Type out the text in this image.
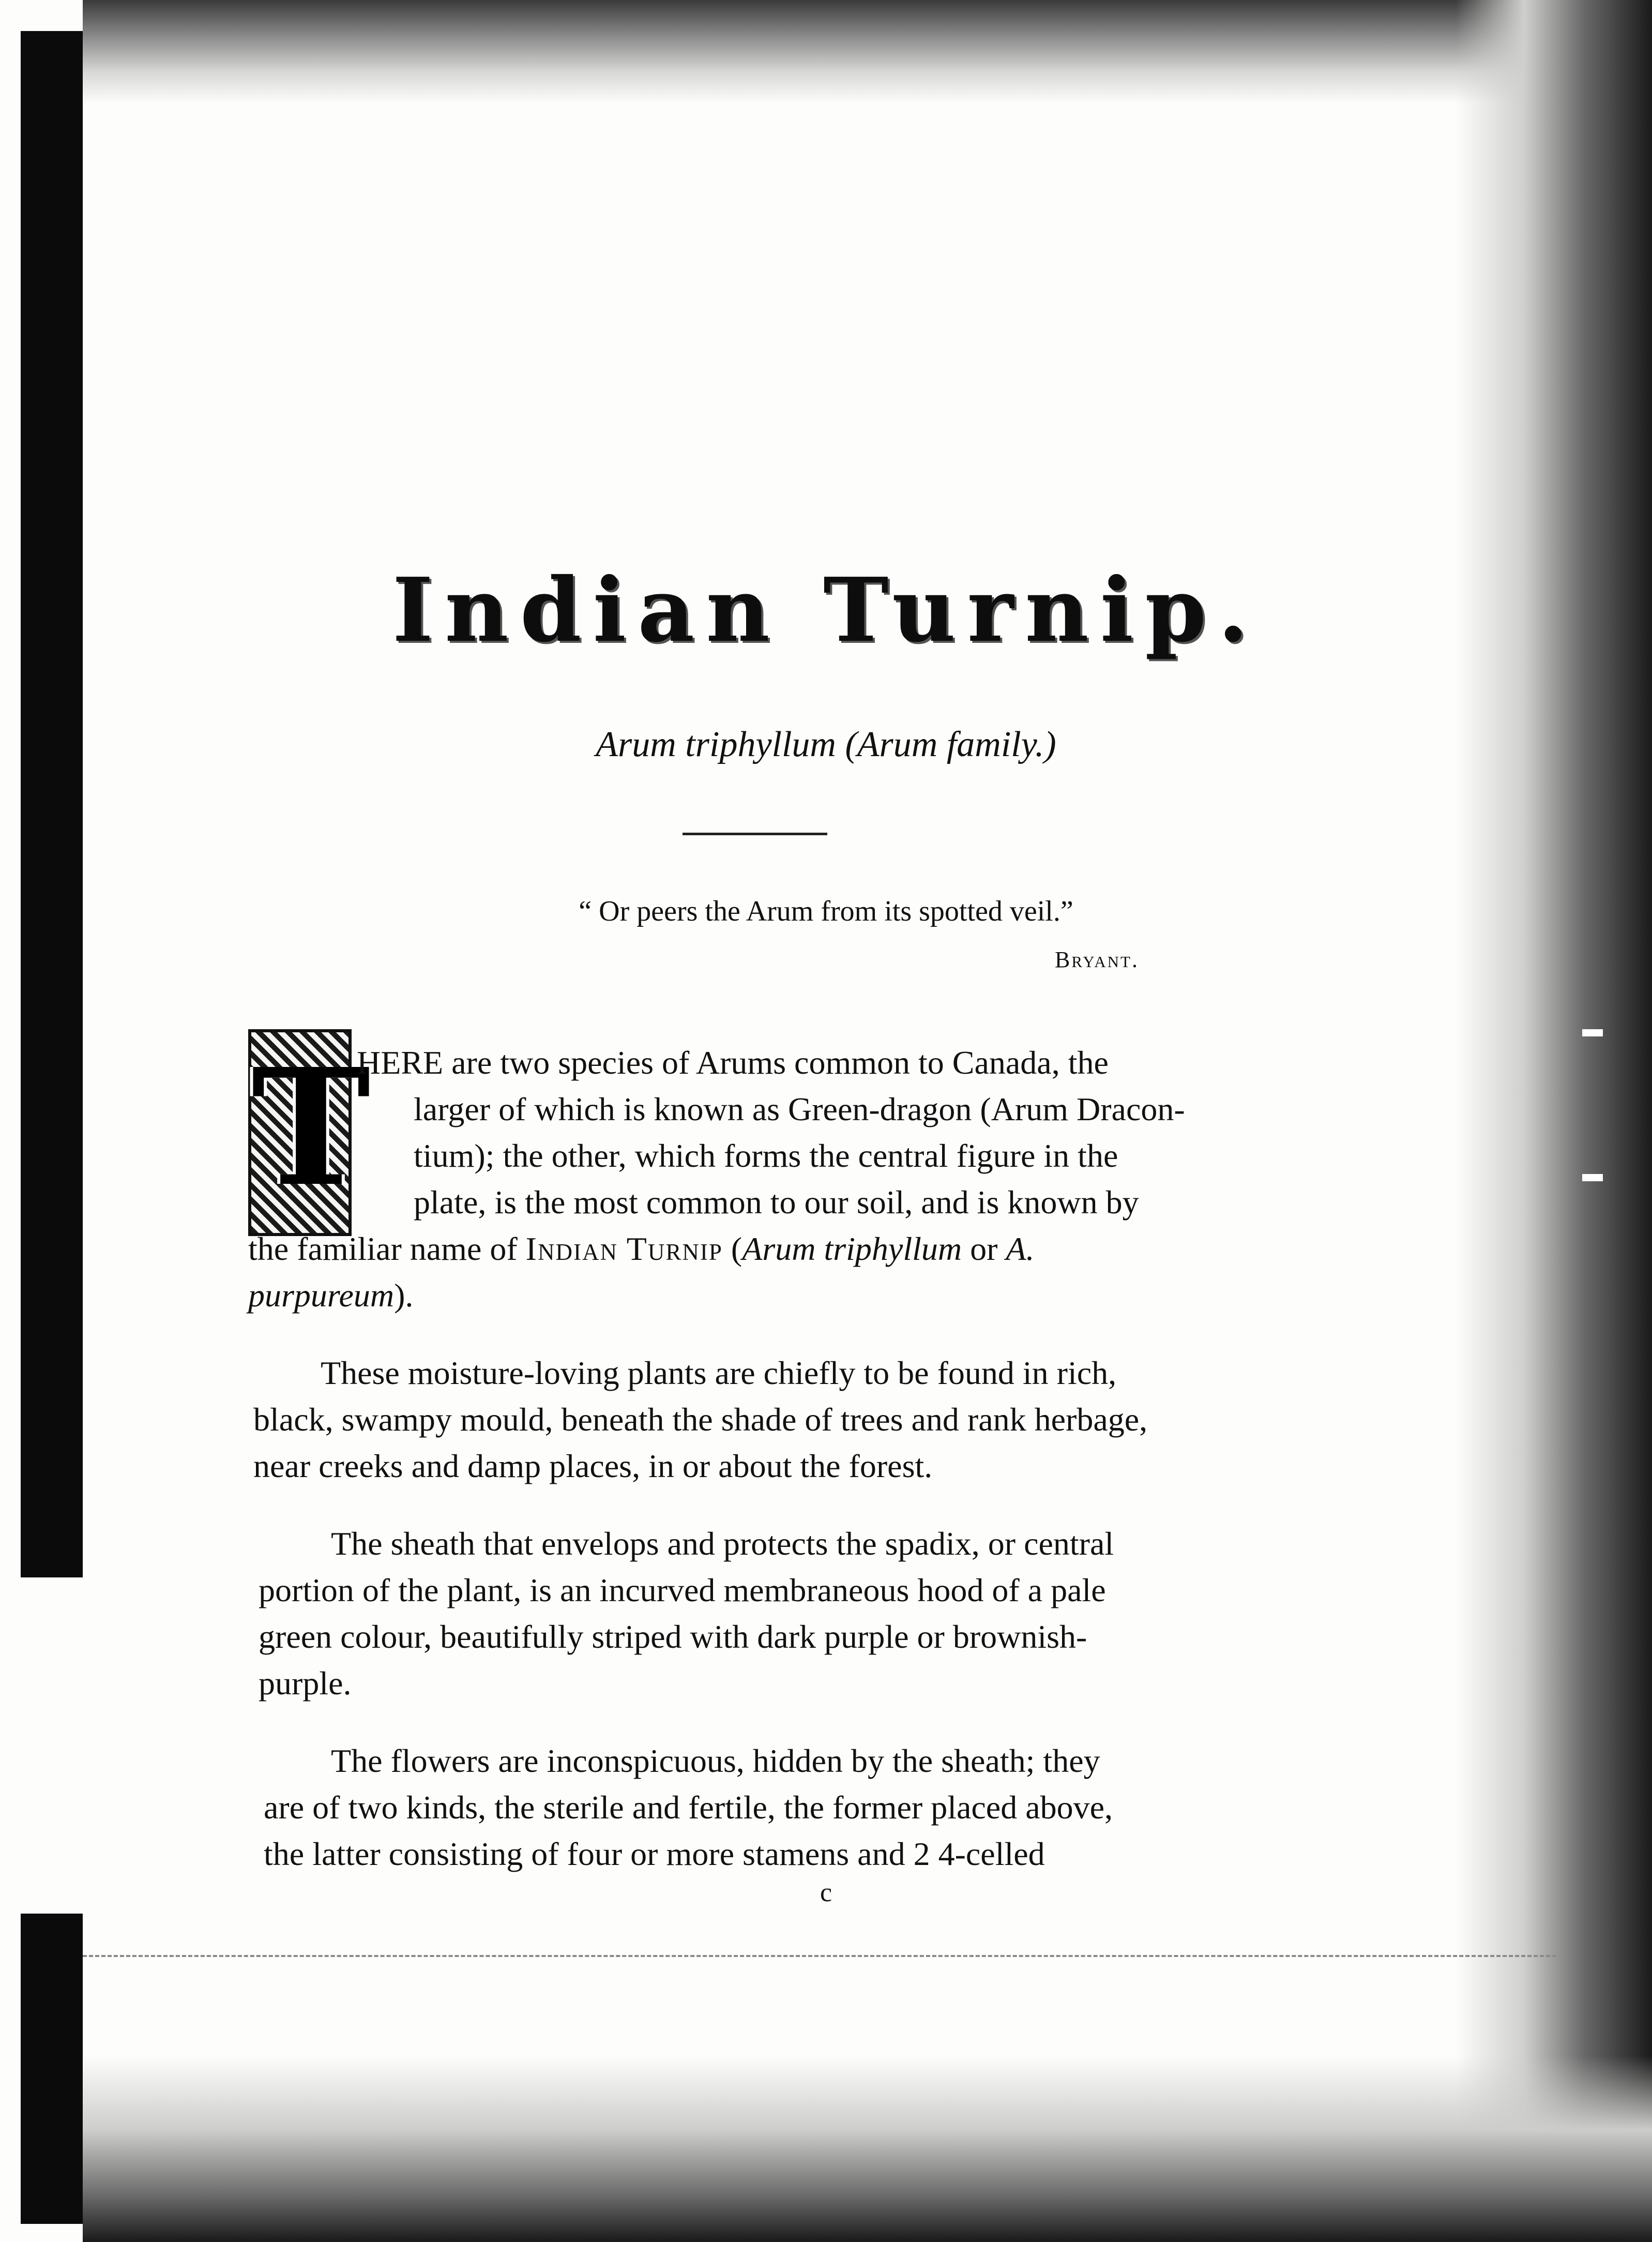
Indian Turnip.
Arum triphyllum (Arum family.)
“ Or peers the Arum from its spotted veil.”
Bryant.
T
HERE are two species of Arums common to Canada, the
larger of which is known as Green-dragon (Arum Dracon-
tium); the other, which forms the central figure in the
plate, is the most common to our soil, and is known by
the familiar name of Indian Turnip (Arum triphyllum or A.
purpureum).
These moisture-loving plants are chiefly to be found in rich,
black, swampy mould, beneath the shade of trees and rank herbage,
near creeks and damp places, in or about the forest.
The sheath that envelops and protects the spadix, or central
portion of the plant, is an incurved membraneous hood of a pale
green colour, beautifully striped with dark purple or brownish-
purple.
The flowers are inconspicuous, hidden by the sheath; they
are of two kinds, the sterile and fertile, the former placed above,
the latter consisting of four or more stamens and 2 4-celled
c
